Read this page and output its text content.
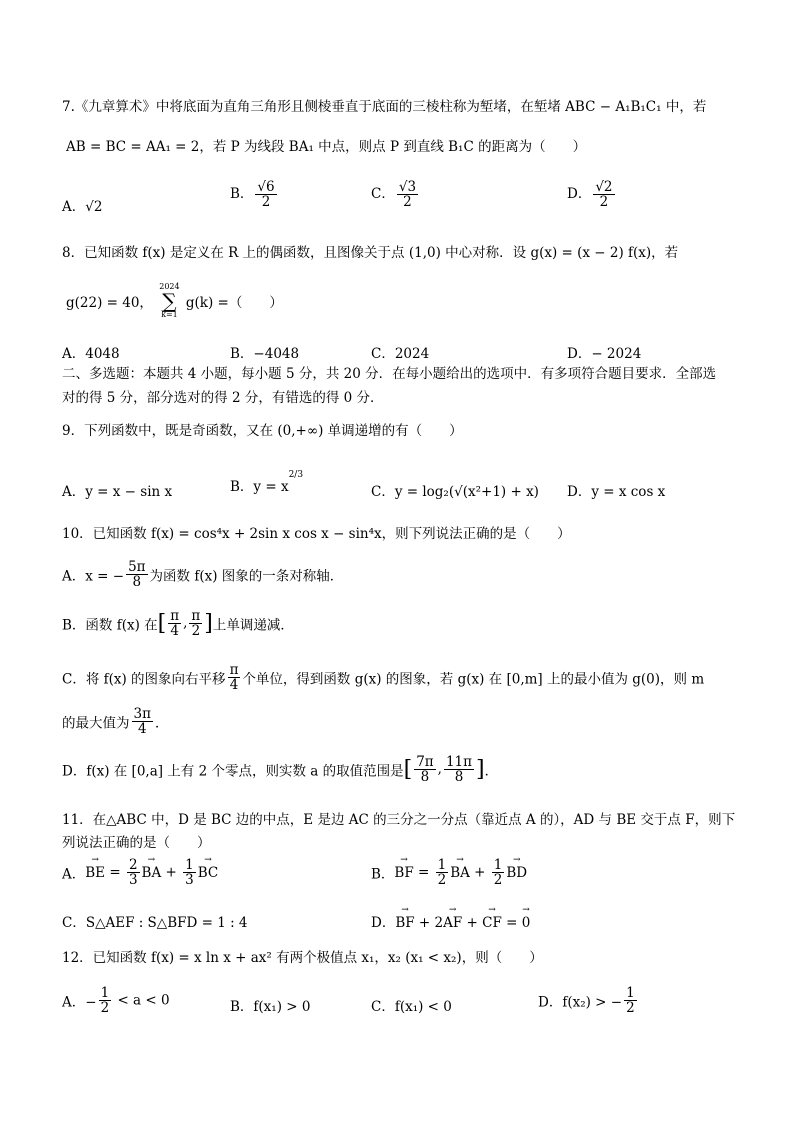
7.《九章算术》中将底面为直角三角形且侧棱垂直于底面的三棱柱称为堑堵，在堑堵 ABC − A₁B₁C₁ 中，若
AB = BC = AA₁ = 2，若 P 为线段 BA₁ 中点，则点 P 到直线 B₁C 的距离为（　　）
A．√2
B． $\frac{√6}{2}$	C． $\frac{√3}{2}$	D． $\frac{√2}{2}$
8．已知函数 f(x) 是定义在 R 上的偶函数，且图像关于点 (1,0) 中心对称．设 g(x) = (x − 2) f(x)，若
g(22) = 40，
2024
∑
k=1
g(k) =（　　）
A．4048	B．−4048	C．2024	D．− 2024
二、多选题：本题共 4 小题，每小题 5 分，共 20 分．在每小题给出的选项中．有多项符合题目要求．全部选
对的得 5 分，部分选对的得 2 分，有错选的得 0 分．
9．下列函数中，既是奇函数，又在 (0,+∞) 单调递增的有（　　）
A．y = x − sin x	B．$y = x^{2/3}$
C．y = log₂(√(x²+1) + x) D．y = x cos x
10．已知函数 f(x) = cos⁴x + 2sin x cos x − sin⁴x，则下列说法正确的是（　　）
A．x = − $\frac{5\pi}{8}$ 为函数 f(x) 图象的一条对称轴．
B．函数 f(x) 在[ $\frac{\pi}{4}$ , $\frac{\pi}{2}$ ]上单调递减．
C．将 f(x) 的图象向右平移 $\frac{\pi}{4}$ 个单位，得到函数 g(x) 的图象，若 g(x) 在 [0,m] 上的最小值为 g(0)，则 m
的最大值为 $\frac{3\pi}{4}$ ．
D．f(x) 在 [0,a] 上有 2 个零点，则实数 a 的取值范围是[ $\frac{7\pi}{8}$ , $\frac{11\pi}{8}$ ]．
11．在△ABC 中，D 是 BC 边的中点，E 是边 AC 的三分之一分点（靠近点 A 的），AD 与 BE 交于点 F，则下
列说法正确的是（　　）
A．→ BE = $\frac{2}{3}$ → BA + $\frac{1}{3}$ → BC	B．→ BF = $\frac{1}{2}$ → BA + $\frac{1}{2}$ → BD
C．S△AEF : S△BFD = 1 : 4	D．→ BF + 2→ AF + → CF = → 0
12．已知函数 f(x) = x ln x + ax² 有两个极值点 x₁，x₂ (x₁ < x₂)，则（　　）
A．− $\frac{1}{2} < a < 0$	B．f(x₁) > 0	C．f(x₁) < 0	D．f(x₂) > − $\frac{1}{2}$
